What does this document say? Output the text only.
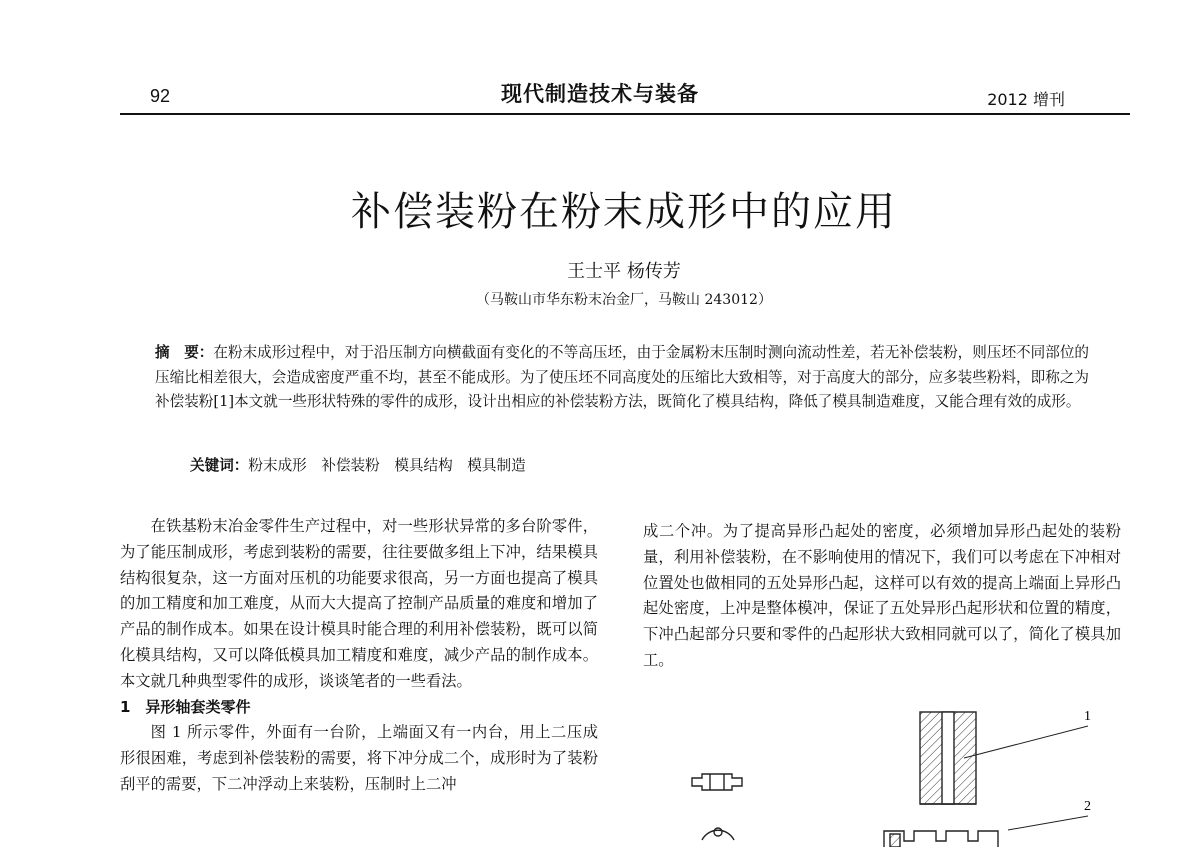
92	现代制造技术与装备	2012 增刊
补偿装粉在粉末成形中的应用
王士平 杨传芳
（马鞍山市华东粉末冶金厂，马鞍山 243012）
摘　要：在粉末成形过程中，对于沿压制方向横截面有变化的不等高压坯，由于金属粉末压制时测向流动性差，若无补偿装粉，则压坯不同部位的压缩比相差很大，会造成密度严重不均，甚至不能成形。为了使压坯不同高度处的压缩比大致相等，对于高度大的部分，应多装些粉料，即称之为补偿装粉[1]本文就一些形状特殊的零件的成形，设计出相应的补偿装粉方法，既简化了模具结构，降低了模具制造难度，又能合理有效的成形。
关键词：粉末成形　补偿装粉　模具结构　模具制造

在铁基粉末冶金零件生产过程中，对一些形状异常的多台阶零件，为了能压制成形，考虑到装粉的需要，往往要做多组上下冲，结果模具结构很复杂，这一方面对压机的功能要求很高，另一方面也提高了模具的加工精度和加工难度，从而大大提高了控制产品质量的难度和增加了产品的制作成本。如果在设计模具时能合理的利用补偿装粉，既可以简化模具结构，又可以降低模具加工精度和难度，减少产品的制作成本。本文就几种典型零件的成形，谈谈笔者的一些看法。

1　异形轴套类零件

图 1 所示零件，外面有一台阶，上端面又有一内台，用上二压成形很困难，考虑到补偿装粉的需要，将下冲分成二个，成形时为了装粉刮平的需要，下二冲浮动上来装粉，压制时上二冲

成二个冲。为了提高异形凸起处的密度，必须增加异形凸起处的装粉量，利用补偿装粉，在不影响使用的情况下，我们可以考虑在下冲相对位置处也做相同的五处异形凸起，这样可以有效的提高上端面上异形凸起处密度，上冲是整体模冲，保证了五处异形凸起形状和位置的精度，下冲凸起部分只要和零件的凸起形状大致相同就可以了，简化了模具加工。

1
2
